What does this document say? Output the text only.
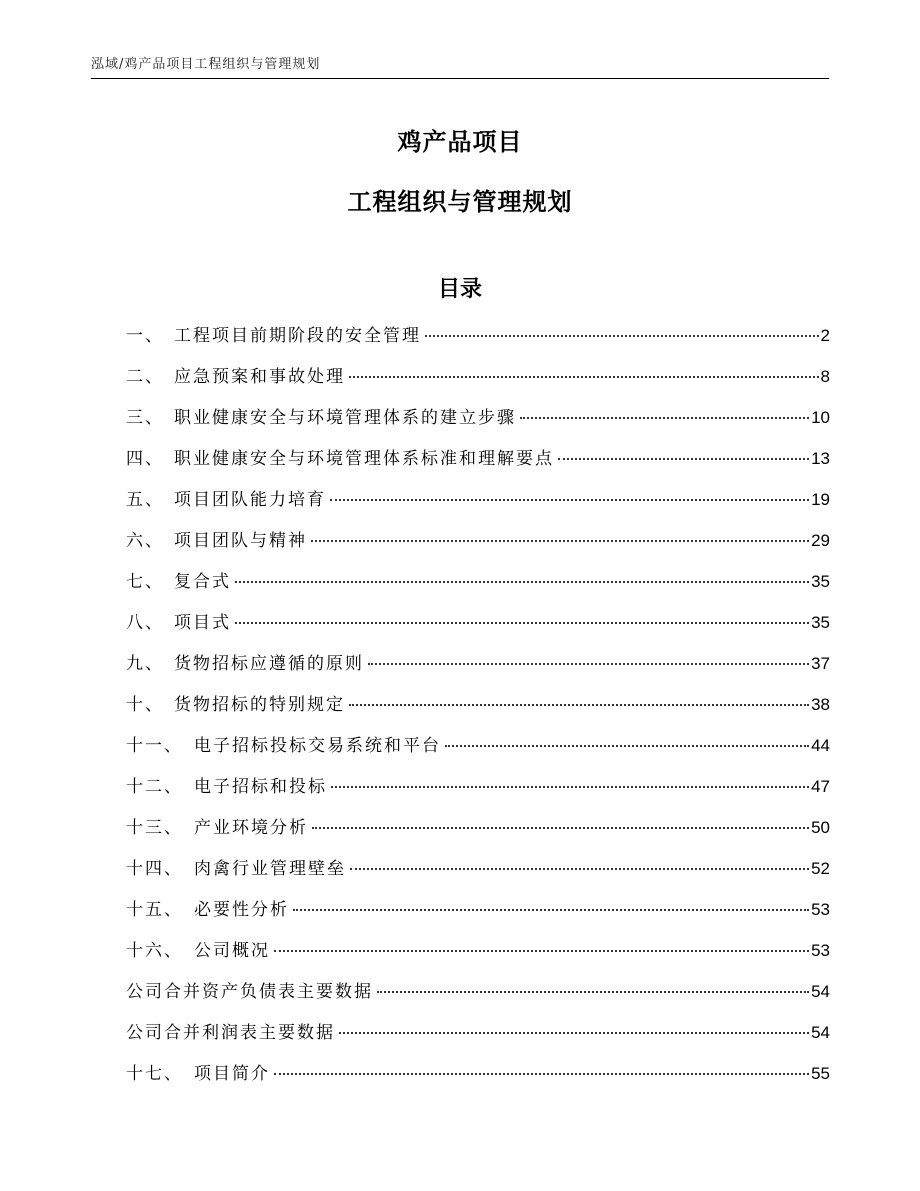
泓域/鸡产品项目工程组织与管理规划
鸡产品项目
工程组织与管理规划
目录
一、 工程项目前期阶段的安全管理	2
二、 应急预案和事故处理	8
三、 职业健康安全与环境管理体系的建立步骤	10
四、 职业健康安全与环境管理体系标准和理解要点	13
五、 项目团队能力培育	19
六、 项目团队与精神	29
七、 复合式	35
八、 项目式	35
九、 货物招标应遵循的原则	37
十、 货物招标的特别规定	38
十一、 电子招标投标交易系统和平台	44
十二、 电子招标和投标	47
十三、 产业环境分析	50
十四、 肉禽行业管理壁垒	52
十五、 必要性分析	53
十六、 公司概况	53
公司合并资产负债表主要数据	54
公司合并利润表主要数据	54
十七、 项目简介	55
